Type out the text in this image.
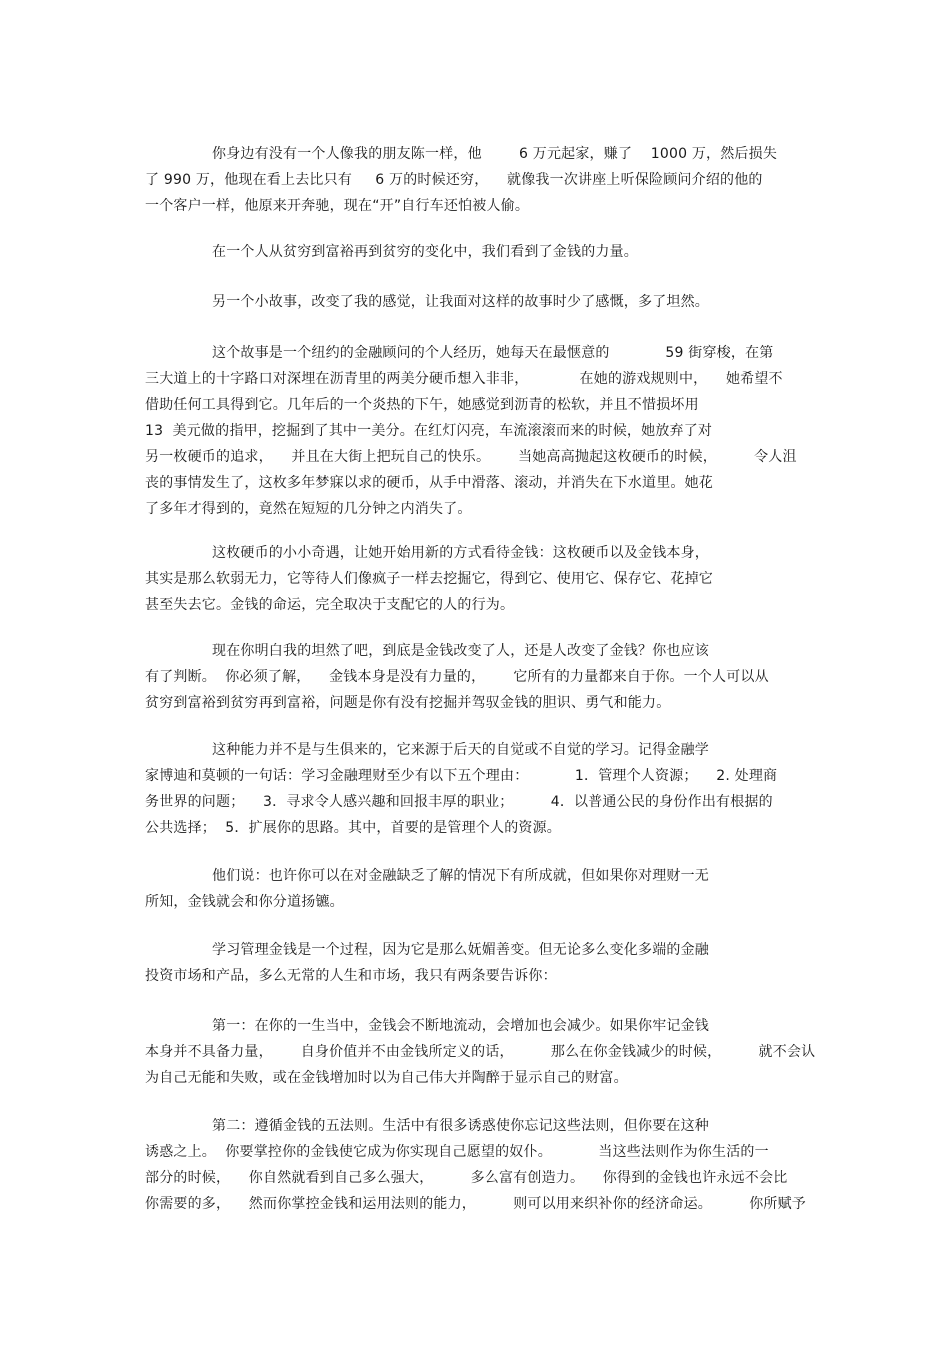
你身边有没有一个人像我的朋友陈一样，他        6 万元起家，赚了    1000 万，然后损失
了 990 万，他现在看上去比只有     6 万的时候还穷，    就像我一次讲座上听保险顾问介绍的他的
一个客户一样，他原来开奔驰，现在“开”自行车还怕被人偷。
在一个人从贫穷到富裕再到贫穷的变化中，我们看到了金钱的力量。
另一个小故事，改变了我的感觉，让我面对这样的故事时少了感慨，多了坦然。
这个故事是一个纽约的金融顾问的个人经历，她每天在最惬意的            59 街穿梭，在第
三大道上的十字路口对深埋在沥青里的两美分硬币想入非非，           在她的游戏规则中，    她希望不
借助任何工具得到它。几年后的一个炎热的下午，她感觉到沥青的松软，并且不惜损坏用
13  美元做的指甲，挖掘到了其中一美分。在红灯闪亮，车流滚滚而来的时候，她放弃了对
另一枚硬币的追求，    并且在大街上把玩自己的快乐。      当她高高抛起这枚硬币的时候，        令人沮
丧的事情发生了，这枚多年梦寐以求的硬币，从手中滑落、滚动，并消失在下水道里。她花
了多年才得到的，竟然在短短的几分钟之内消失了。
这枚硬币的小小奇遇，让她开始用新的方式看待金钱：这枚硬币以及金钱本身，
其实是那么软弱无力，它等待人们像疯子一样去挖掘它，得到它、使用它、保存它、花掉它
甚至失去它。金钱的命运，完全取决于支配它的人的行为。
现在你明白我的坦然了吧，到底是金钱改变了人，还是人改变了金钱？你也应该
有了判断。  你必须了解，    金钱本身是没有力量的，      它所有的力量都来自于你。一个人可以从
贫穷到富裕到贫穷再到富裕，问题是你有没有挖掘并驾驭金钱的胆识、勇气和能力。
这种能力并不是与生俱来的，它来源于后天的自觉或不自觉的学习。记得金融学
家博迪和莫顿的一句话：学习金融理财至少有以下五个理由：          1．管理个人资源；    2. 处理商
务世界的问题；    3．寻求令人感兴趣和回报丰厚的职业；        4．以普通公民的身份作出有根据的
公共选择；  5．扩展你的思路。其中，首要的是管理个人的资源。
他们说：也许你可以在对金融缺乏了解的情况下有所成就，但如果你对理财一无
所知，金钱就会和你分道扬镳。
学习管理金钱是一个过程，因为它是那么妩媚善变。但无论多么变化多端的金融
投资市场和产品，多么无常的人生和市场，我只有两条要告诉你：
第一：在你的一生当中，金钱会不断地流动，会增加也会减少。如果你牢记金钱
本身并不具备力量，      自身价值并不由金钱所定义的话，        那么在你金钱减少的时候，        就不会认
为自己无能和失败，或在金钱增加时以为自己伟大并陶醉于显示自己的财富。
第二：遵循金钱的五法则。生活中有很多诱惑使你忘记这些法则，但你要在这种
诱惑之上。  你要掌控你的金钱使它成为你实现自己愿望的奴仆。          当这些法则作为你生活的一
部分的时候，    你自然就看到自己多么强大，        多么富有创造力。    你得到的金钱也许永远不会比
你需要的多，    然而你掌控金钱和运用法则的能力，        则可以用来织补你的经济命运。        你所赋予
